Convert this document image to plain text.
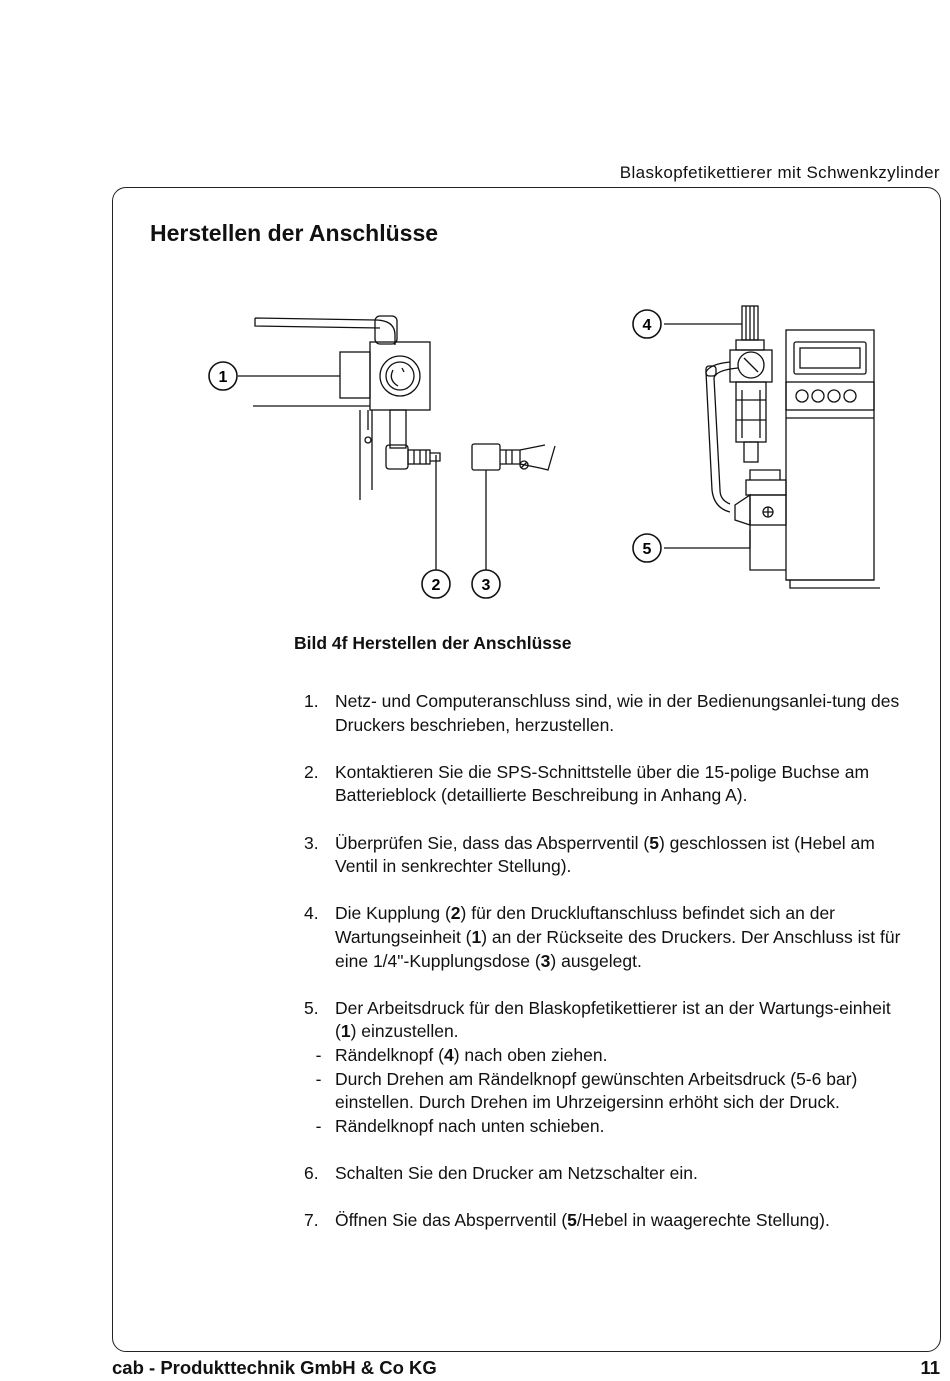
Blaskopfetikettierer mit Schwenkzylinder
Herstellen der Anschlüsse
1
2	3
4
5
Bild 4f Herstellen der Anschlüsse
1. Netz- und Computeranschluss sind, wie in der Bedienungsanlei-tung des Druckers beschrieben, herzustellen.
2. Kontaktieren Sie die SPS-Schnittstelle über die 15-polige Buchse am Batterieblock (detaillierte Beschreibung in Anhang A).
3. Überprüfen Sie, dass das Absperrventil (5) geschlossen ist (Hebel am Ventil in senkrechter Stellung).
4. Die Kupplung (2) für den Druckluftanschluss befindet sich an der Wartungseinheit (1) an der Rückseite des Druckers. Der Anschluss ist für eine 1/4"-Kupplungsdose (3) ausgelegt.
5. Der Arbeitsdruck für den Blaskopfetikettierer ist an der Wartungs-einheit (1) einzustellen.
- Rändelknopf (4) nach oben ziehen.
- Durch Drehen am Rändelknopf gewünschten Arbeitsdruck (5-6 bar) einstellen. Durch Drehen im Uhrzeigersinn erhöht sich der Druck.
- Rändelknopf nach unten schieben.
6. Schalten Sie den Drucker am Netzschalter ein.
7. Öffnen Sie das Absperrventil (5/Hebel in waagerechte Stellung).
cab - Produkttechnik GmbH & Co KG	11
